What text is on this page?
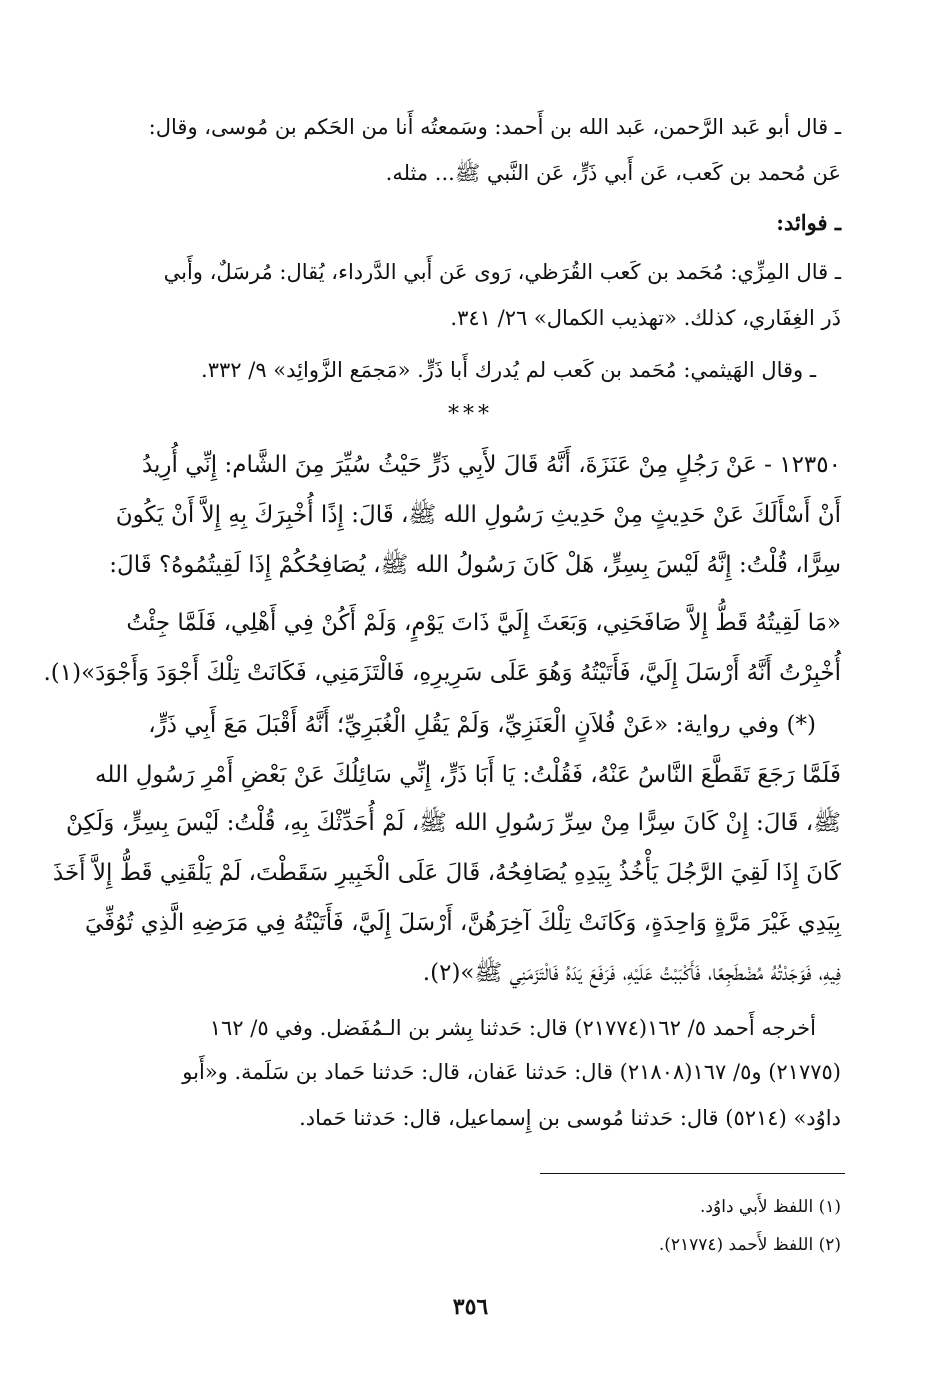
ـ قال أبو عَبد الرَّحمن، عَبد الله بن أَحمد: وسَمعتُه أَنا من الحَكم بن مُوسى، وقال:
عَن مُحمد بن كَعب، عَن أَبي ذَرٍّ، عَن النَّبي ﷺ... مثله.
ـ فوائد:
ـ قال المِزِّي: مُحَمد بن كَعب القُرَظي، رَوى عَن أَبي الدَّرداء، يُقال: مُرسَلٌ، وأَبي
ذَر الغِفَاري، كذلك. «تهذيب الكمال» ٢٦/ ٣٤١.
ـ وقال الهَيثمي: مُحَمد بن كَعب لم يُدرك أَبا ذَرٍّ. «مَجمَع الزَّوائِد» ٩/ ٣٣٢.
***
١٢٣٥٠ - عَنْ رَجُلٍ مِنْ عَنَزَةَ، أَنَّهُ قَالَ لأَبِي ذَرٍّ حَيْثُ سُيِّرَ مِنَ الشَّام: إِنِّي أُرِيدُ
أَنْ أَسْأَلَكَ عَنْ حَدِيثٍ مِنْ حَدِيثِ رَسُولِ الله ﷺ، قَالَ: إِذًا أُخْبِرَكَ بِهِ إِلاَّ أَنْ يَكُونَ
سِرًّا، قُلْتُ: إِنَّهُ لَيْسَ بِسِرٍّ، هَلْ كَانَ رَسُولُ الله ﷺ، يُصَافِحُكُمْ إِذَا لَقِيتُمُوهُ؟ قَالَ:
«مَا لَقِيتُهُ قَطُّ إِلاَّ صَافَحَنِي، وَبَعَثَ إِلَيَّ ذَاتَ يَوْمٍ، وَلَمْ أَكُنْ فِي أَهْلِي، فَلَمَّا جِئْتُ
أُخْبِرْتُ أَنَّهُ أَرْسَلَ إِلَيَّ، فَأَتَيْتُهُ وَهُوَ عَلَى سَرِيرِهِ، فَالْتَزَمَنِي، فَكَانَتْ تِلْكَ أَجْوَدَ وَأَجْوَدَ»(١).
(*) وفي رواية: «عَنْ فُلاَنٍ الْعَنَزِيِّ، وَلَمْ يَقُلِ الْغُبَرِيِّ؛ أَنَّهُ أَقْبَلَ مَعَ أَبِي ذَرٍّ،
فَلَمَّا رَجَعَ تَقَطَّعَ النَّاسُ عَنْهُ، فَقُلْتُ: يَا أَبَا ذَرٍّ، إِنِّي سَائِلُكَ عَنْ بَعْضِ أَمْرِ رَسُولِ الله
ﷺ، قَالَ: إِنْ كَانَ سِرًّا مِنْ سِرِّ رَسُولِ الله ﷺ، لَمْ أُحَدِّثْكَ بِهِ، قُلْتُ: لَيْسَ بِسِرٍّ، وَلَكِنْ
كَانَ إِذَا لَقِيَ الرَّجُلَ يَأْخُذُ بِيَدِهِ يُصَافِحُهُ، قَالَ عَلَى الْخَبِيرِ سَقَطْتَ، لَمْ يَلْقَنِي قَطُّ إِلاَّ أَخَذَ
بِيَدِي غَيْرَ مَرَّةٍ وَاحِدَةٍ، وَكَانَتْ تِلْكَ آخِرَهُنَّ، أَرْسَلَ إِلَيَّ، فَأَتَيْتُهُ فِي مَرَضِهِ الَّذِي تُوُفِّيَ
فِيهِ، فَوَجَدْتُهُ مُضْطَجِعًا، فَأَكْبَبْتُ عَلَيْهِ، فَرَفَعَ يَدَهُ فَالْتَزَمَنِي ﷺ»(٢).
أخرجه أَحمد ٥/ ١٦٢(٢١٧٧٤) قال: حَدثنا بِشر بن الـمُفَضل. وفي ٥/ ١٦٢
(٢١٧٧٥) و٥/ ١٦٧(٢١٨٠٨) قال: حَدثنا عَفان، قال: حَدثنا حَماد بن سَلَمة. و«أَبو
داوُد» (٥٢١٤) قال: حَدثنا مُوسى بن إِسماعيل، قال: حَدثنا حَماد.
(١) اللفظ لأَبي داوُد.
(٢) اللفظ لأَحمد (٢١٧٧٤).
٣٥٦
